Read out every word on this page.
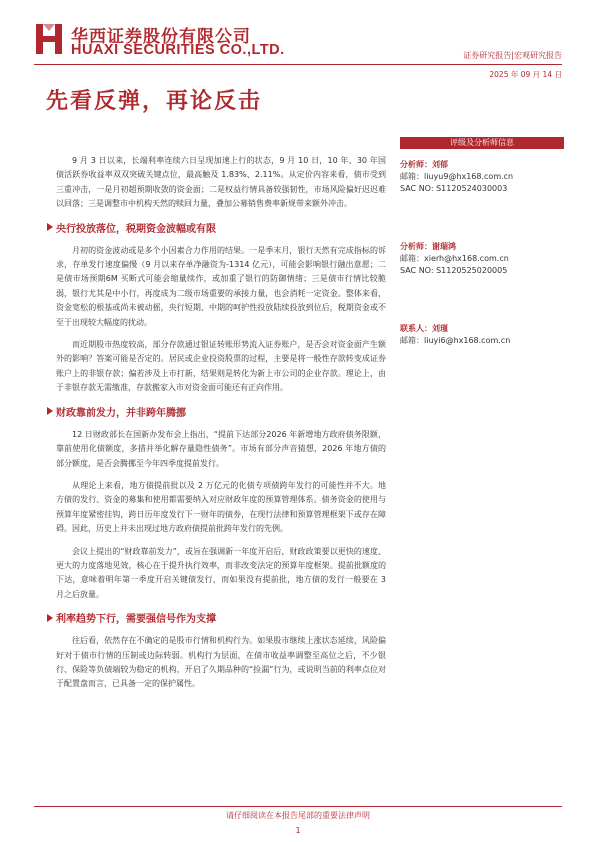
华西证券股份有限公司
HUAXI SECURITIES CO.,LTD.	证券研究报告|宏观研究报告
2025 年 09 月 14 日
先看反弹，再论反击

9 月 3 日以来，长端利率连续六日呈现加速上行的状态，9 月 10 日，10 年、30 年国债活跃券收益率双双突破关键点位，最高触及 1.83%、2.11%。从定价内容来看，债市受到三重冲击，一是月初超预期收敛的资金面；二是权益行情具备较强韧性，市场风险偏好迟迟难以回落；三是调整市中机构天然的赎回力量，叠加公募销售费率新规带来额外冲击。

央行投放落位，税期资金波幅或有限

月初的资金波动或是多个小因素合力作用的结果。一是季末月，银行天然有完成指标的诉求，存单发行速度偏慢（9 月以来存单净融资为-1314 亿元），可能会影响银行融出意愿；二是债市场预期6M 买断式可能会缩量续作，或加重了银行的防御情绪；三是债市行情比较脆弱，银行尤其是中小行，再度成为二级市场重要的承接力量，也会消耗一定资金。整体来看，资金宽松的根基或尚未被动摇，央行短期、中期的呵护性投放陆续投放到位后，税期资金或不至于出现较大幅度的扰动。

而近期股市热度较高，部分存款通过银证转账形势流入证券账户，是否会对资金面产生额外的影响？答案可能是否定的。居民或企业投资股票的过程，主要是将一般性存款转变成证券账户上的非银存款；偏若涉及上市打新，结果则是转化为新上市公司的企业存款。理论上，由于非银存款无需缴准，存款搬家入市对资金面可能还有正向作用。

财政靠前发力，并非跨年腾挪

12 日财政部长在国新办发布会上指出，“提前下达部分2026 年新增地方政府债务限额，靠前使用化债额度，多措并举化解存量隐性债务”。市场有部分声音猜想，2026 年地方债的部分额度，是否会腾挪至今年四季度提前发行。

从理论上来看，地方债提前批以及 2 万亿元的化债专项债跨年发行的可能性并不大。地方债的发行、资金的募集和使用都需要纳入对应财政年度的预算管理体系。债务资金的使用与预算年度紧密挂钩，跨日历年度发行下一财年的债券，在现行法律和预算管理框架下或存在障碍。因此，历史上并未出现过地方政府债提前批跨年发行的先例。

会议上提出的“财政靠前发力”，或旨在强调新一年度开启后，财政政策要以更快的速度、更大的力度落地见效，核心在于提升执行效率，而非改变法定的预算年度框架。提前批额度的下达，意味着明年第一季度开启关键债发行，而如果没有提前批，地方债的发行一般要在 3 月之后放量。

利率趋势下行，需要强信号作为支撑

往后看，依然存在不确定的是股市行情和机构行为。如果股市继续上涨状态延续，风险偏好对于债市行情的压制或边际转弱。机构行为层面，在债市收益率调整至高位之后，不少银行、保险等负债端较为稳定的机构，开启了久期品种的“捡漏”行为，或说明当前的利率点位对于配置盘而言，已具备一定的保护属性。

评级及分析师信息
分析师：刘郁
邮箱：liuyu9@hx168.com.cn
SAC NO: S1120524030003
分析师：谢瑞鸿
邮箱：xierh@hx168.com.cn
SAC NO: S1120525020005
联系人：刘瑾
邮箱：liuyi6@hx168.com.cn
请仔细阅读在本报告尾部的重要法律声明
1
